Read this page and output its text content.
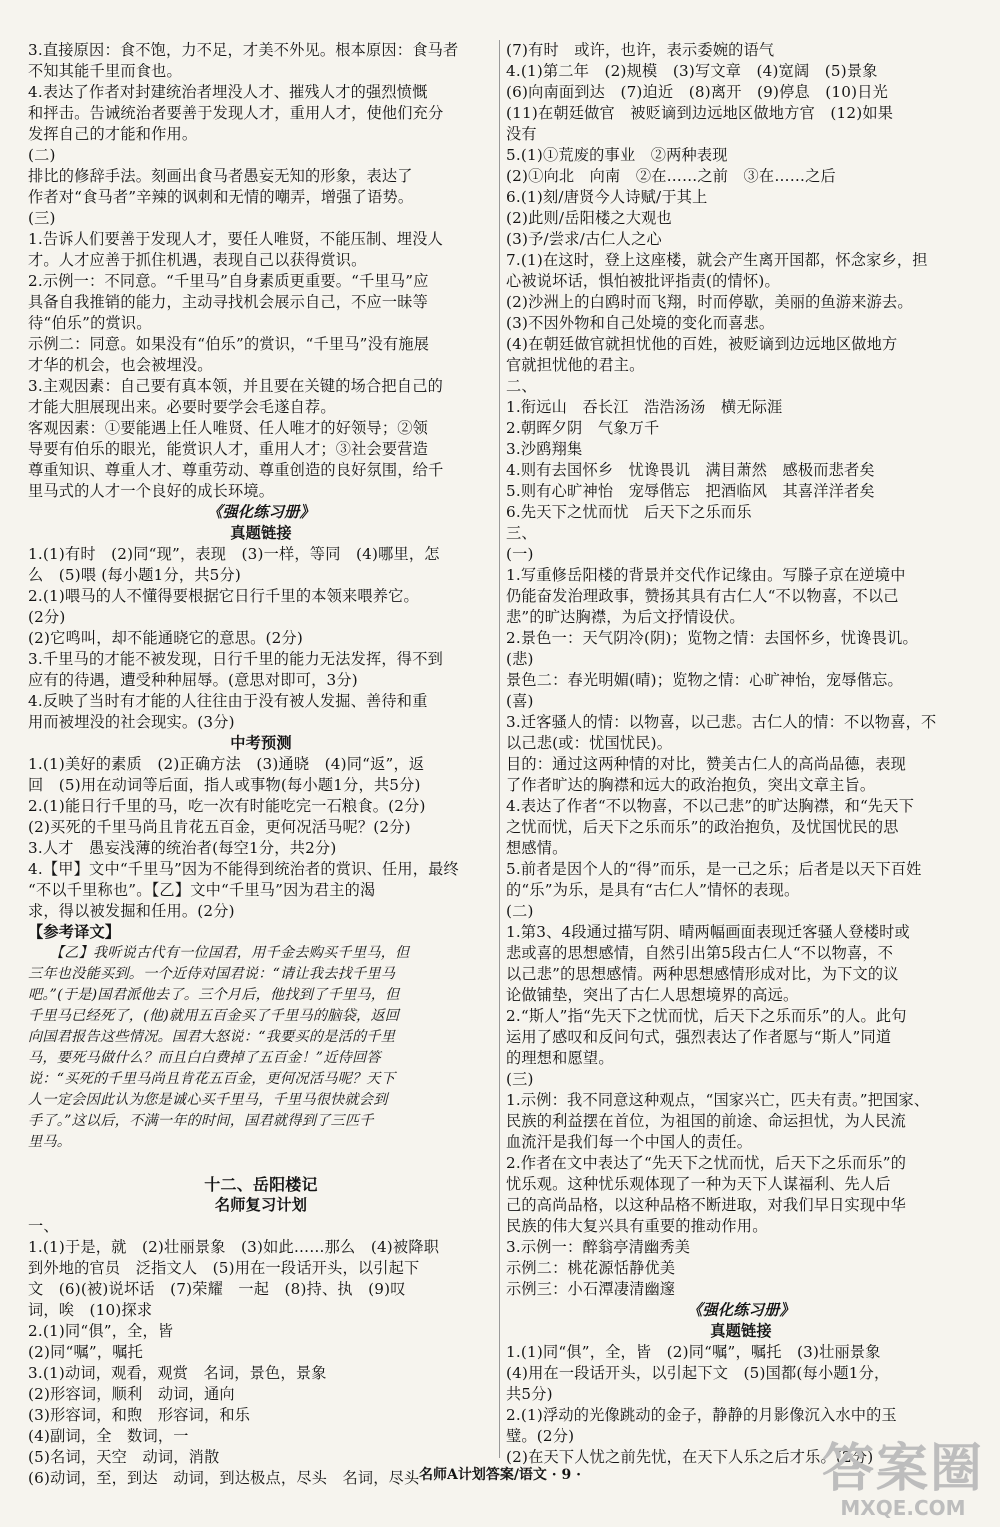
3.直接原因：食不饱，力不足，才美不外见。根本原因：食马者
不知其能千里而食也。
4.表达了作者对封建统治者埋没人才、摧残人才的强烈愤慨
和抨击。告诫统治者要善于发现人才，重用人才，使他们充分
发挥自己的才能和作用。
(二)
排比的修辞手法。刻画出食马者愚妄无知的形象，表达了
作者对“食马者”辛辣的讽刺和无情的嘲弄，增强了语势。
(三)
1.告诉人们要善于发现人才，要任人唯贤，不能压制、埋没人
才。人才应善于抓住机遇，表现自己以获得赏识。
2.示例一：不同意。“千里马”自身素质更重要。“千里马”应
具备自我推销的能力，主动寻找机会展示自己，不应一昧等
待“伯乐”的赏识。
示例二：同意。如果没有“伯乐”的赏识，“千里马”没有施展
才华的机会，也会被埋没。
3.主观因素：自己要有真本领，并且要在关键的场合把自己的
才能大胆展现出来。必要时要学会毛遂自荐。
客观因素：①要能遇上任人唯贤、任人唯才的好领导；②领
导要有伯乐的眼光，能赏识人才，重用人才；③社会要营造
尊重知识、尊重人才、尊重劳动、尊重创造的良好氛围，给千
里马式的人才一个良好的成长环境。
《强化练习册》
真题链接
1.(1)有时　(2)同“现”，表现　(3)一样，等同　(4)哪里，怎
么　(5)喂 (每小题1分，共5分)
2.(1)喂马的人不懂得要根据它日行千里的本领来喂养它。
(2分)
(2)它鸣叫，却不能通晓它的意思。(2分)
3.千里马的才能不被发现，日行千里的能力无法发挥，得不到
应有的待遇，遭受种种屈辱。(意思对即可，3分)
4.反映了当时有才能的人往往由于没有被人发掘、善待和重
用而被埋没的社会现实。(3分)
中考预测
1.(1)美好的素质　(2)正确方法　(3)通晓　(4)同“返”，返
回　(5)用在动词等后面，指人或事物(每小题1分，共5分)
2.(1)能日行千里的马，吃一次有时能吃完一石粮食。(2分)
(2)买死的千里马尚且肯花五百金，更何况活马呢？(2分)
3.人才　愚妄浅薄的统治者(每空1分，共2分)
4.【甲】文中“千里马”因为不能得到统治者的赏识、任用，最终
“不以千里称也”。【乙】文中“千里马”因为君主的渴
求，得以被发掘和任用。(2分)
【参考译文】
　　【乙】我听说古代有一位国君，用千金去购买千里马，但
三年也没能买到。一个近侍对国君说：“请让我去找千里马
吧。”(于是)国君派他去了。三个月后，他找到了千里马，但
千里马已经死了，(他)就用五百金买了千里马的脑袋，返回
向国君报告这些情况。国君大怒说：“我要买的是活的千里
马，要死马做什么？而且白白费掉了五百金！”近侍回答
说：“买死的千里马尚且肯花五百金，更何况活马呢？天下
人一定会因此认为您是诚心买千里马，千里马很快就会到
手了。”这以后，不满一年的时间，国君就得到了三匹千
里马。
十二、岳阳楼记
名师复习计划
一、
1.(1)于是，就　(2)壮丽景象　(3)如此……那么　(4)被降职
到外地的官员　泛指文人　(5)用在一段话开头，以引起下
文　(6)(被)说坏话　(7)荣耀　一起　(8)持、执　(9)叹
词，唉　(10)探求
2.(1)同“俱”，全，皆
(2)同“嘱”，嘱托
3.(1)动词，观看，观赏　名词，景色，景象
(2)形容词，顺利　动词，通向
(3)形容词，和煦　形容词，和乐
(4)副词，全　数词，一
(5)名词，天空　动词，消散
(6)动词，至，到达　动词，到达极点，尽头　名词，尽头
(7)有时　或许，也许，表示委婉的语气
4.(1)第二年　(2)规模　(3)写文章　(4)宽阔　(5)景象
(6)向南面到达　(7)迫近　(8)离开　(9)停息　(10)日光
(11)在朝廷做官　被贬谪到边远地区做地方官　(12)如果
没有
5.(1)①荒废的事业　②两种表现
(2)①向北　向南　②在……之前　③在……之后
6.(1)刻/唐贤今人诗赋/于其上
(2)此则/岳阳楼之大观也
(3)予/尝求/古仁人之心
7.(1)在这时，登上这座楼，就会产生离开国都，怀念家乡，担
心被说坏话，惧怕被批评指责(的情怀)。
(2)沙洲上的白鸥时而飞翔，时而停歇，美丽的鱼游来游去。
(3)不因外物和自己处境的变化而喜悲。
(4)在朝廷做官就担忧他的百姓，被贬谪到边远地区做地方
官就担忧他的君主。
二、
1.衔远山　吞长江　浩浩汤汤　横无际涯
2.朝晖夕阴　气象万千
3.沙鸥翔集
4.则有去国怀乡　忧谗畏讥　满目萧然　感极而悲者矣
5.则有心旷神怡　宠辱偕忘　把酒临风　其喜洋洋者矣
6.先天下之忧而忧　后天下之乐而乐
三、
(一)
1.写重修岳阳楼的背景并交代作记缘由。写滕子京在逆境中
仍能奋发治理政事，赞扬其具有古仁人“不以物喜，不以己
悲”的旷达胸襟，为后文抒情设伏。
2.景色一：天气阴冷(阴)；览物之情：去国怀乡，忧谗畏讥。
(悲)
景色二：春光明媚(晴)；览物之情：心旷神怡，宠辱偕忘。
(喜)
3.迁客骚人的情：以物喜，以己悲。古仁人的情：不以物喜，不
以己悲(或：忧国忧民)。
目的：通过这两种情的对比，赞美古仁人的高尚品德，表现
了作者旷达的胸襟和远大的政治抱负，突出文章主旨。
4.表达了作者“不以物喜，不以己悲”的旷达胸襟，和“先天下
之忧而忧，后天下之乐而乐”的政治抱负，及忧国忧民的思
想感情。
5.前者是因个人的“得”而乐，是一己之乐；后者是以天下百姓
的“乐”为乐，是具有“古仁人”情怀的表现。
(二)
1.第3、4段通过描写阴、晴两幅画面表现迁客骚人登楼时或
悲或喜的思想感情，自然引出第5段古仁人“不以物喜，不
以己悲”的思想感情。两种思想感情形成对比，为下文的议
论做铺垫，突出了古仁人思想境界的高远。
2.“斯人”指“先天下之忧而忧，后天下之乐而乐”的人。此句
运用了感叹和反问句式，强烈表达了作者愿与“斯人”同道
的理想和愿望。
(三)
1.示例：我不同意这种观点，“国家兴亡，匹夫有责。”把国家、
民族的利益摆在首位，为祖国的前途、命运担忧，为人民流
血流汗是我们每一个中国人的责任。
2.作者在文中表达了“先天下之忧而忧，后天下之乐而乐”的
忧乐观。这种忧乐观体现了一种为天下人谋福利、先人后
己的高尚品格，以这种品格不断进取，对我们早日实现中华
民族的伟大复兴具有重要的推动作用。
3.示例一：醉翁亭清幽秀美
示例二：桃花源恬静优美
示例三：小石潭凄清幽邃
《强化练习册》
真题链接
1.(1)同“俱”，全，皆　(2)同“嘱”，嘱托　(3)壮丽景象
(4)用在一段话开头，以引起下文　(5)国都(每小题1分，
共5分)
2.(1)浮动的光像跳动的金子，静静的月影像沉入水中的玉
璧。(2分)
(2)在天下人忧之前先忧，在天下人乐之后才乐。(2分)
名师A计划答案/语文 · 9 ·	答案圈
MXQE.COM
